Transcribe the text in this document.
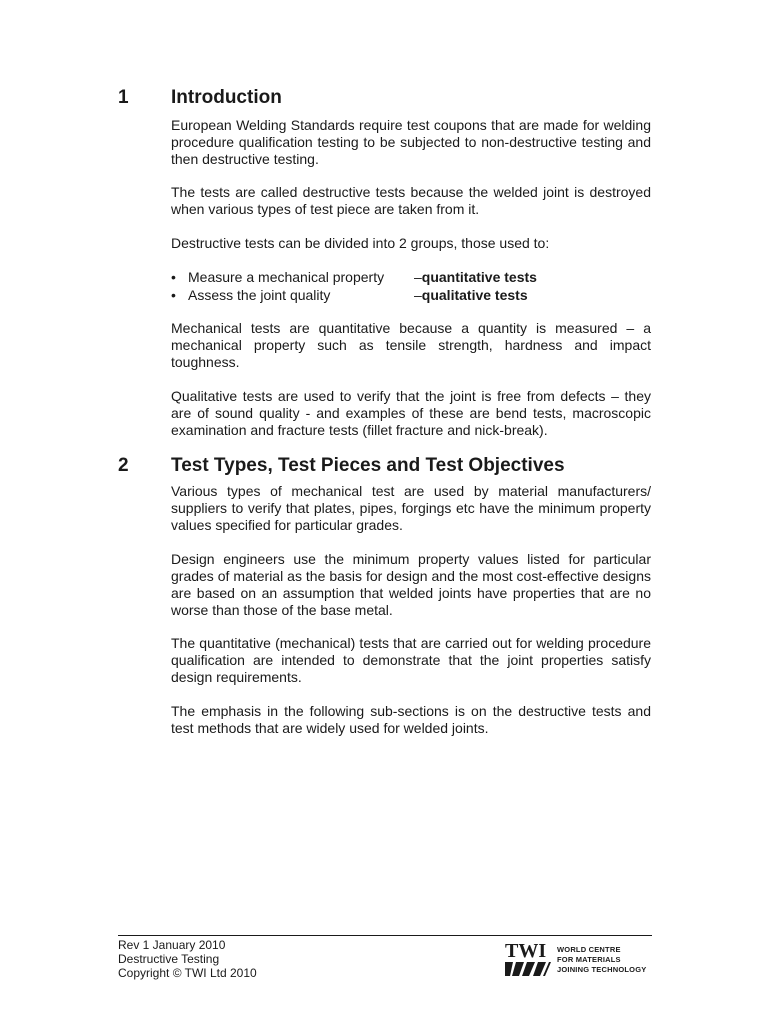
1	Introduction

European Welding Standards require test coupons that are made for welding procedure qualification testing to be subjected to non-destructive testing and then destructive testing.

The tests are called destructive tests because the welded joint is destroyed when various types of test piece are taken from it.

Destructive tests can be divided into 2 groups, those used to:

• Measure a mechanical property	– quantitative tests
• Assess the joint quality	– qualitative tests

Mechanical tests are quantitative because a quantity is measured – a mechanical property such as tensile strength, hardness and impact toughness.

Qualitative tests are used to verify that the joint is free from defects – they are of sound quality - and examples of these are bend tests, macroscopic examination and fracture tests (fillet fracture and nick-break).

2	Test Types, Test Pieces and Test Objectives

Various types of mechanical test are used by material manufacturers/ suppliers to verify that plates, pipes, forgings etc have the minimum property values specified for particular grades.

Design engineers use the minimum property values listed for particular grades of material as the basis for design and the most cost-effective designs are based on an assumption that welded joints have properties that are no worse than those of the base metal.

The quantitative (mechanical) tests that are carried out for welding procedure qualification are intended to demonstrate that the joint properties satisfy design requirements.

The emphasis in the following sub-sections is on the destructive tests and test methods that are widely used for welded joints.

Rev 1 January 2010
Destructive Testing
Copyright © TWI Ltd 2010
TWI WORLD CENTRE
FOR MATERIALS
JOINING TECHNOLOGY
